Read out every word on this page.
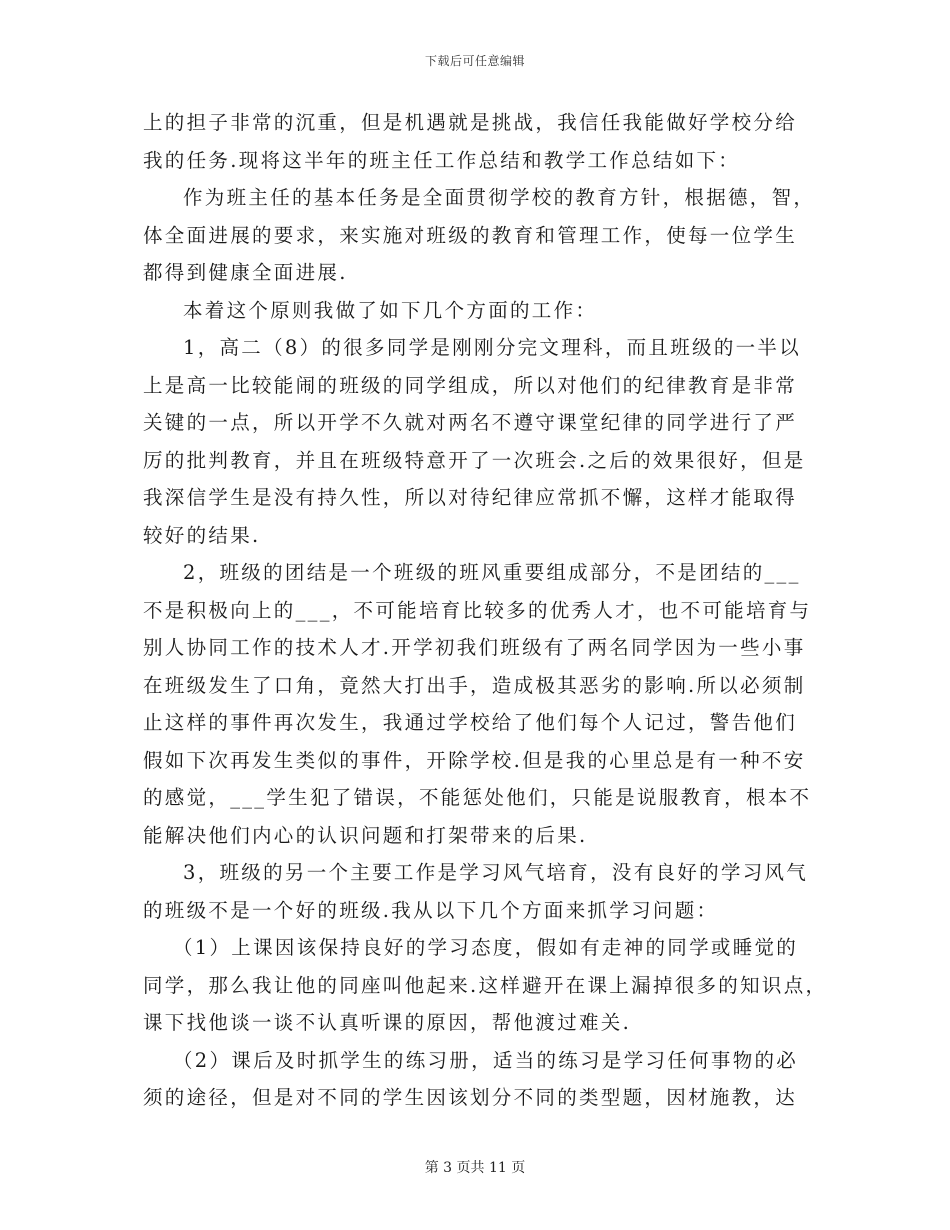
下载后可任意编辑
上的担子非常的沉重，但是机遇就是挑战，我信任我能做好学校分给
我的任务.现将这半年的班主任工作总结和教学工作总结如下：
作为班主任的基本任务是全面贯彻学校的教育方针，根据德，智，
体全面进展的要求，来实施对班级的教育和管理工作，使每一位学生
都得到健康全面进展.
本着这个原则我做了如下几个方面的工作：
1，高二（8）的很多同学是刚刚分完文理科，而且班级的一半以
上是高一比较能闹的班级的同学组成，所以对他们的纪律教育是非常
关键的一点，所以开学不久就对两名不遵守课堂纪律的同学进行了严
厉的批判教育，并且在班级特意开了一次班会.之后的效果很好，但是
我深信学生是没有持久性，所以对待纪律应常抓不懈，这样才能取得
较好的结果.
2，班级的团结是一个班级的班风重要组成部分，不是团结的___
不是积极向上的___，不可能培育比较多的优秀人才，也不可能培育与
别人协同工作的技术人才.开学初我们班级有了两名同学因为一些小事
在班级发生了口角，竟然大打出手，造成极其恶劣的影响.所以必须制
止这样的事件再次发生，我通过学校给了他们每个人记过，警告他们
假如下次再发生类似的事件，开除学校.但是我的心里总是有一种不安
的感觉，___学生犯了错误，不能惩处他们，只能是说服教育，根本不
能解决他们内心的认识问题和打架带来的后果.
3，班级的另一个主要工作是学习风气培育，没有良好的学习风气
的班级不是一个好的班级.我从以下几个方面来抓学习问题：
（1）上课因该保持良好的学习态度，假如有走神的同学或睡觉的
同学，那么我让他的同座叫他起来.这样避开在课上漏掉很多的知识点，
课下找他谈一谈不认真听课的原因，帮他渡过难关.
（2）课后及时抓学生的练习册，适当的练习是学习任何事物的必
须的途径，但是对不同的学生因该划分不同的类型题，因材施教，达
第 3 页共 11 页
